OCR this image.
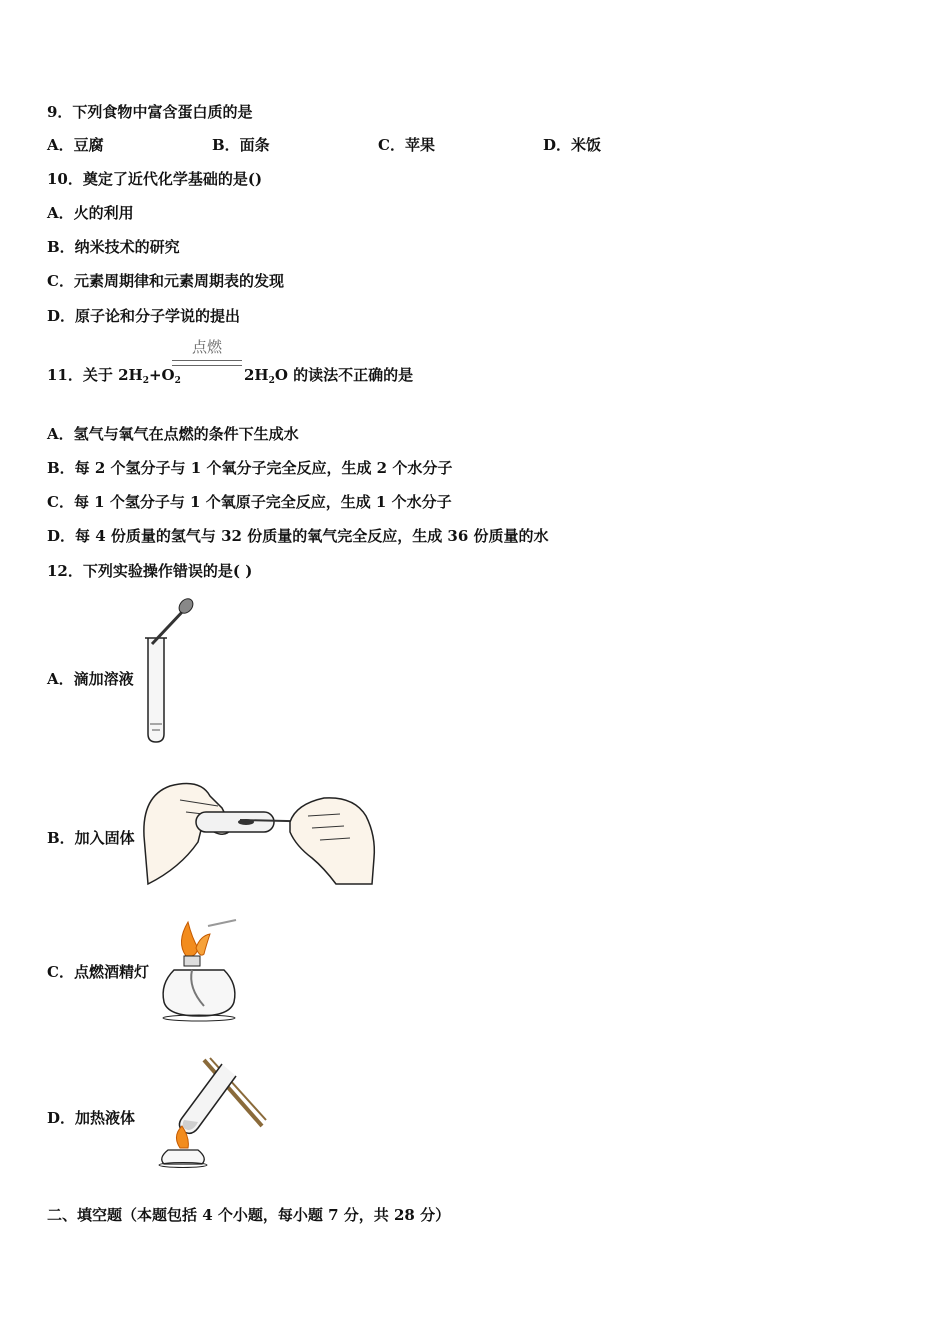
9．下列食物中富含蛋白质的是
A．豆腐	B．面条	C．苹果	D．米饭
10．奠定了近代化学基础的是()
A．火的利用
B．纳米技术的研究
C．元素周期律和元素周期表的发现
D．原子论和分子学说的提出
11．关于 $2H_2+O_2$
点燃
$2H_2O$ 的读法不正确的是
A．氢气与氧气在点燃的条件下生成水
B．每 2 个氢分子与 1 个氧分子完全反应，生成 2 个水分子
C．每 1 个氢分子与 1 个氧原子完全反应，生成 1 个水分子
D．每 4 份质量的氢气与 32 份质量的氧气完全反应，生成 36 份质量的水
12．下列实验操作错误的是( )
A．滴加溶液
B．加入固体
C．点燃酒精灯
D．加热液体
二、填空题（本题包括 4 个小题，每小题 7 分，共 28 分）
